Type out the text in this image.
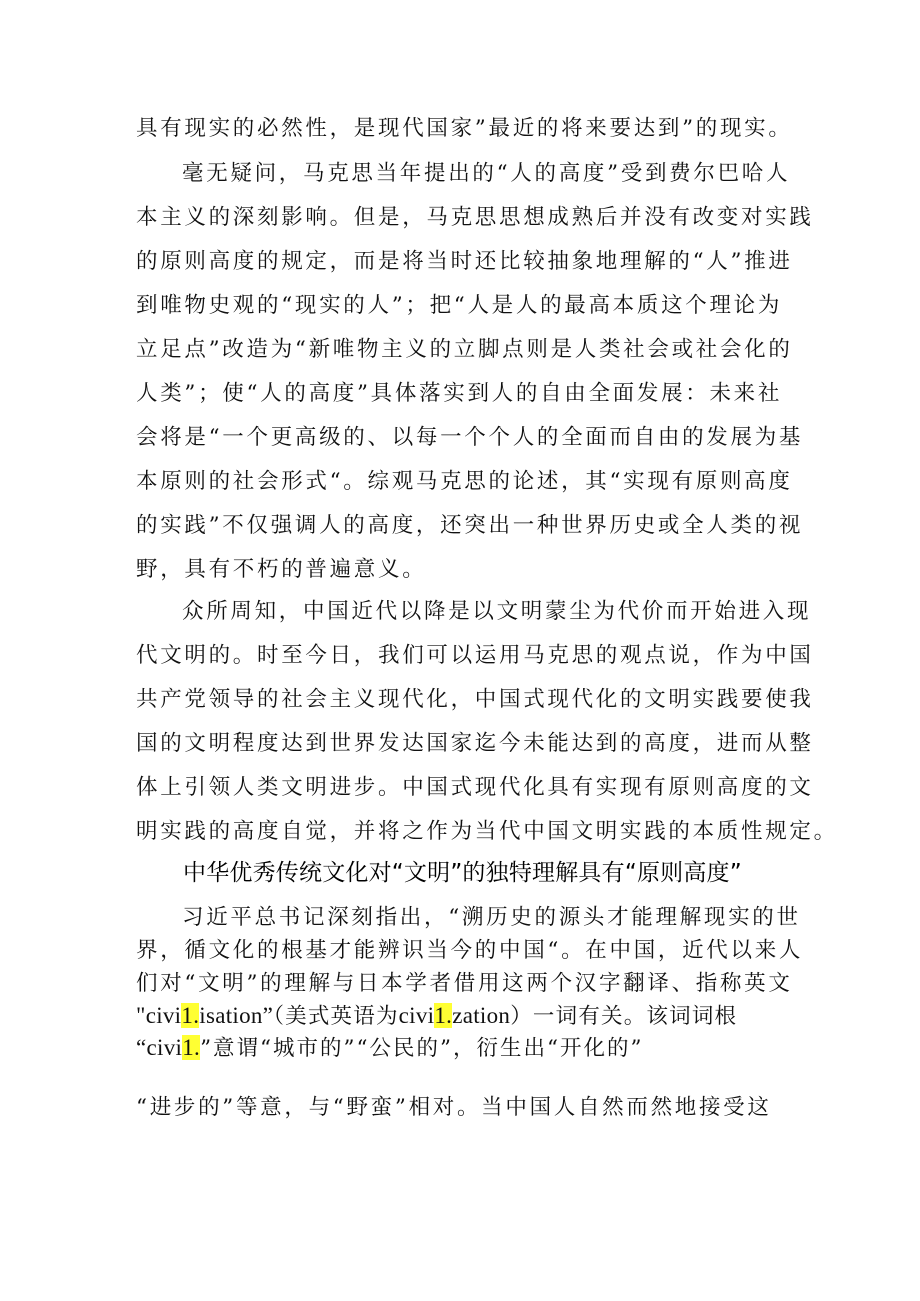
具有现实的必然性，是现代国家”最近的将来要达到”的现实。
毫无疑问，马克思当年提出的“人的高度”受到费尔巴哈人
本主义的深刻影响。但是，马克思思想成熟后并没有改变对实践
的原则高度的规定，而是将当时还比较抽象地理解的“人”推进
到唯物史观的“现实的人”；把“人是人的最高本质这个理论为
立足点”改造为“新唯物主义的立脚点则是人类社会或社会化的
人类”；使“人的高度”具体落实到人的自由全面发展：未来社
会将是“一个更高级的、以每一个个人的全面而自由的发展为基
本原则的社会形式“。综观马克思的论述，其“实现有原则高度
的实践”不仅强调人的高度，还突出一种世界历史或全人类的视
野，具有不朽的普遍意义。
众所周知，中国近代以降是以文明蒙尘为代价而开始进入现
代文明的。时至今日，我们可以运用马克思的观点说，作为中国
共产党领导的社会主义现代化，中国式现代化的文明实践要使我
国的文明程度达到世界发达国家迄今未能达到的高度，进而从整
体上引领人类文明进步。中国式现代化具有实现有原则高度的文
明实践的高度自觉，并将之作为当代中国文明实践的本质性规定。
中华优秀传统文化对“文明”的独特理解具有“原则高度”
习近平总书记深刻指出，“溯历史的源头才能理解现实的世
界，循文化的根基才能辨识当今的中国“。在中国，近代以来人
们对“文明”的理解与日本学者借用这两个汉字翻译、指称英文
"civi1.isation”（美式英语为civi1.zation）一词有关。该词词根
“civi1.”意谓“城市的”“公民的”，衍生出“开化的”
“进步的”等意，与“野蛮”相对。当中国人自然而然地接受这
